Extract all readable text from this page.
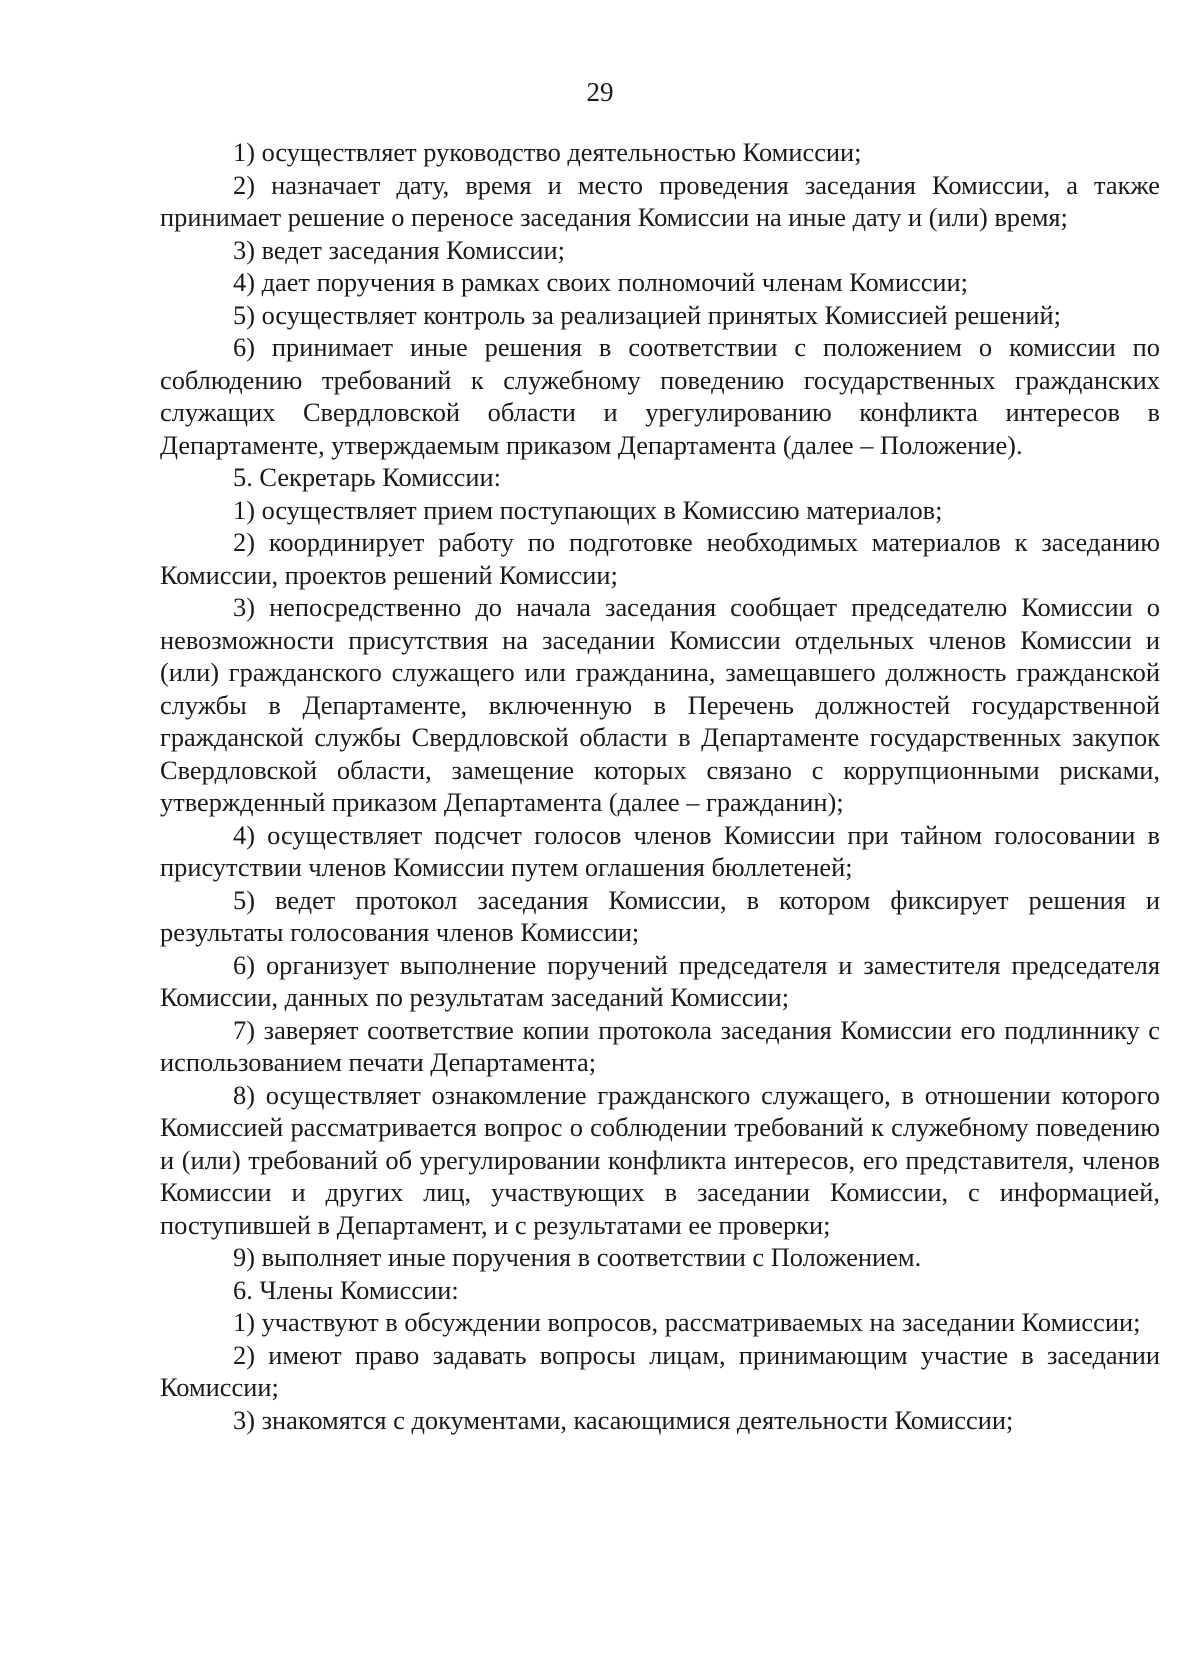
29

1) осуществляет руководство деятельностью Комиссии;

2) назначает дату, время и место проведения заседания Комиссии, а также принимает решение о переносе заседания Комиссии на иные дату и (или) время;

3) ведет заседания Комиссии;

4) дает поручения в рамках своих полномочий членам Комиссии;

5) осуществляет контроль за реализацией принятых Комиссией решений;

6) принимает иные решения в соответствии с положением о комиссии по соблюдению требований к служебному поведению государственных гражданских служащих Свердловской области и урегулированию конфликта интересов в Департаменте, утверждаемым приказом Департамента (далее – Положение).

5. Секретарь Комиссии:

1) осуществляет прием поступающих в Комиссию материалов;

2) координирует работу по подготовке необходимых материалов к заседанию Комиссии, проектов решений Комиссии;

3) непосредственно до начала заседания сообщает председателю Комиссии о невозможности присутствия на заседании Комиссии отдельных членов Комиссии и (или) гражданского служащего или гражданина, замещавшего должность гражданской службы в Департаменте, включенную в Перечень должностей государственной гражданской службы Свердловской области в Департаменте государственных закупок Свердловской области, замещение которых связано с коррупционными рисками, утвержденный приказом Департамента (далее – гражданин);

4) осуществляет подсчет голосов членов Комиссии при тайном голосовании в присутствии членов Комиссии путем оглашения бюллетеней;

5) ведет протокол заседания Комиссии, в котором фиксирует решения и результаты голосования членов Комиссии;

6) организует выполнение поручений председателя и заместителя председателя Комиссии, данных по результатам заседаний Комиссии;

7) заверяет соответствие копии протокола заседания Комиссии его подлиннику с использованием печати Департамента;

8) осуществляет ознакомление гражданского служащего, в отношении которого Комиссией рассматривается вопрос о соблюдении требований к служебному поведению и (или) требований об урегулировании конфликта интересов, его представителя, членов Комиссии и других лиц, участвующих в заседании Комиссии, с информацией, поступившей в Департамент, и с результатами ее проверки;

9) выполняет иные поручения в соответствии с Положением.

6. Члены Комиссии:

1) участвуют в обсуждении вопросов, рассматриваемых на заседании Комиссии;

2) имеют право задавать вопросы лицам, принимающим участие в заседании Комиссии;

3) знакомятся с документами, касающимися деятельности Комиссии;
